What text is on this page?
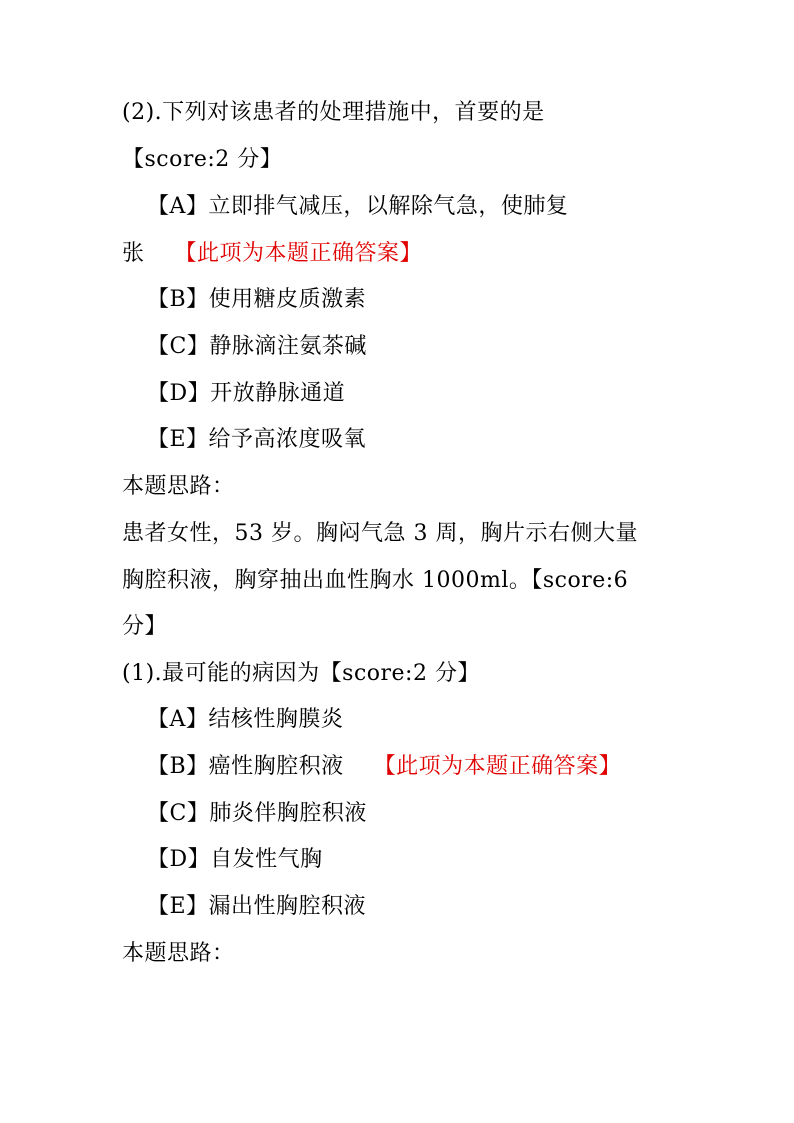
(2).下列对该患者的处理措施中，首要的是
【score:2 分】
【A】立即排气减压，以解除气急，使肺复
张 【此项为本题正确答案】
【B】使用糖皮质激素
【C】静脉滴注氨茶碱
【D】开放静脉通道
【E】给予高浓度吸氧
本题思路：
患者女性，53 岁。胸闷气急 3 周，胸片示右侧大量
胸腔积液，胸穿抽出血性胸水 1000ml。【score:6
分】
(1).最可能的病因为【score:2 分】
【A】结核性胸膜炎
【B】癌性胸腔积液 【此项为本题正确答案】
【C】肺炎伴胸腔积液
【D】自发性气胸
【E】漏出性胸腔积液
本题思路：
